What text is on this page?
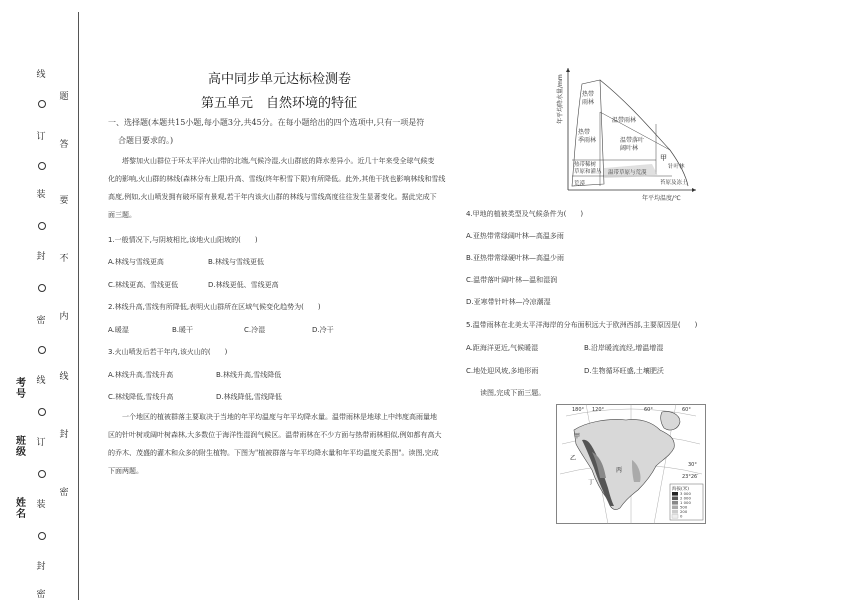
考号
班级
姓名
线
订
装
封
密
线
订
装
封
密
题
答
要
不
内
线
封
密
高中同步单元达标检测卷
第五单元　自然环境的特征
一、选择题(本题共15小题,每小题3分,共45分。在每小题给出的四个选项中,只有一项是符
合题目要求的。)
塔黎加火山群位于环太平洋火山带的北端,气候冷湿,火山群底的降水差异小。近几十年来受全球气候变
化的影响,火山群的林线(森林分布上限)升高、雪线(终年积雪下限)有所降低。此外,其他干扰也影响林线和雪线
高度,例如,火山喷发拥有破坏原有景观,若干年内该火山群的林线与雪线高度往往发生显著变化。据此完成下
面三题。
1.一般情况下,与阴坡相比,该地火山阳坡的(　　)
A.林线与雪线更高	B.林线与雪线更低
C.林线更高、雪线更低	D.林线更低、雪线更高
2.林线升高,雪线有所降低,表明火山群所在区域气候变化趋势为(　　)
A.暖湿	B.暖干	C.冷湿	D.冷干
3.火山喷发后若干年内,该火山的(　　)
A.林线升高,雪线升高	B.林线升高,雪线降低
C.林线降低,雪线升高	D.林线降低,雪线降低
一个地区的植被群落主要取决于当地的年平均温度与年平均降水量。温带雨林是地球上中纬度高雨量地
区的针叶树或阔叶树森林,大多数位于海洋性湿润气候区。温带雨林在不少方面与热带雨林相似,例如都有高大
的乔木、茂盛的灌木和众多的附生植物。下图为"植被群落与年平均降水量和年平均温度关系图"。读图,完成
下面两题。
热带
雨林
温带雨林
热带
季雨林	温带落叶
阔叶林
甲
热带稀树
草原和灌丛 温带草原与荒漠
荒漠	苔原及冻土
针叶林
年平均降水量/mm
年平均温度/℃
4.甲地的植被类型及气候条件为(　　)
A.亚热带常绿阔叶林—高温多雨
B.亚热带常绿硬叶林—高温少雨
C.温带落叶阔叶林—温和湿润
D.亚寒带针叶林—冷凉潮湿
5.温带雨林在北美太平洋海岸的分布面积远大于欧洲西部,主要原因是(　　)
A.距海洋更近,气候暖湿	B.沿岸暖流流经,增温增湿
C.地处迎风坡,多地形雨	D.生物循环旺盛,土壤肥沃
读图,完成下面三题。
甲
乙
丙
丁
180° 120°	60°	60°
30°
23°26′
海拔(米)
3 000
2 000
1 000
500
200
0
